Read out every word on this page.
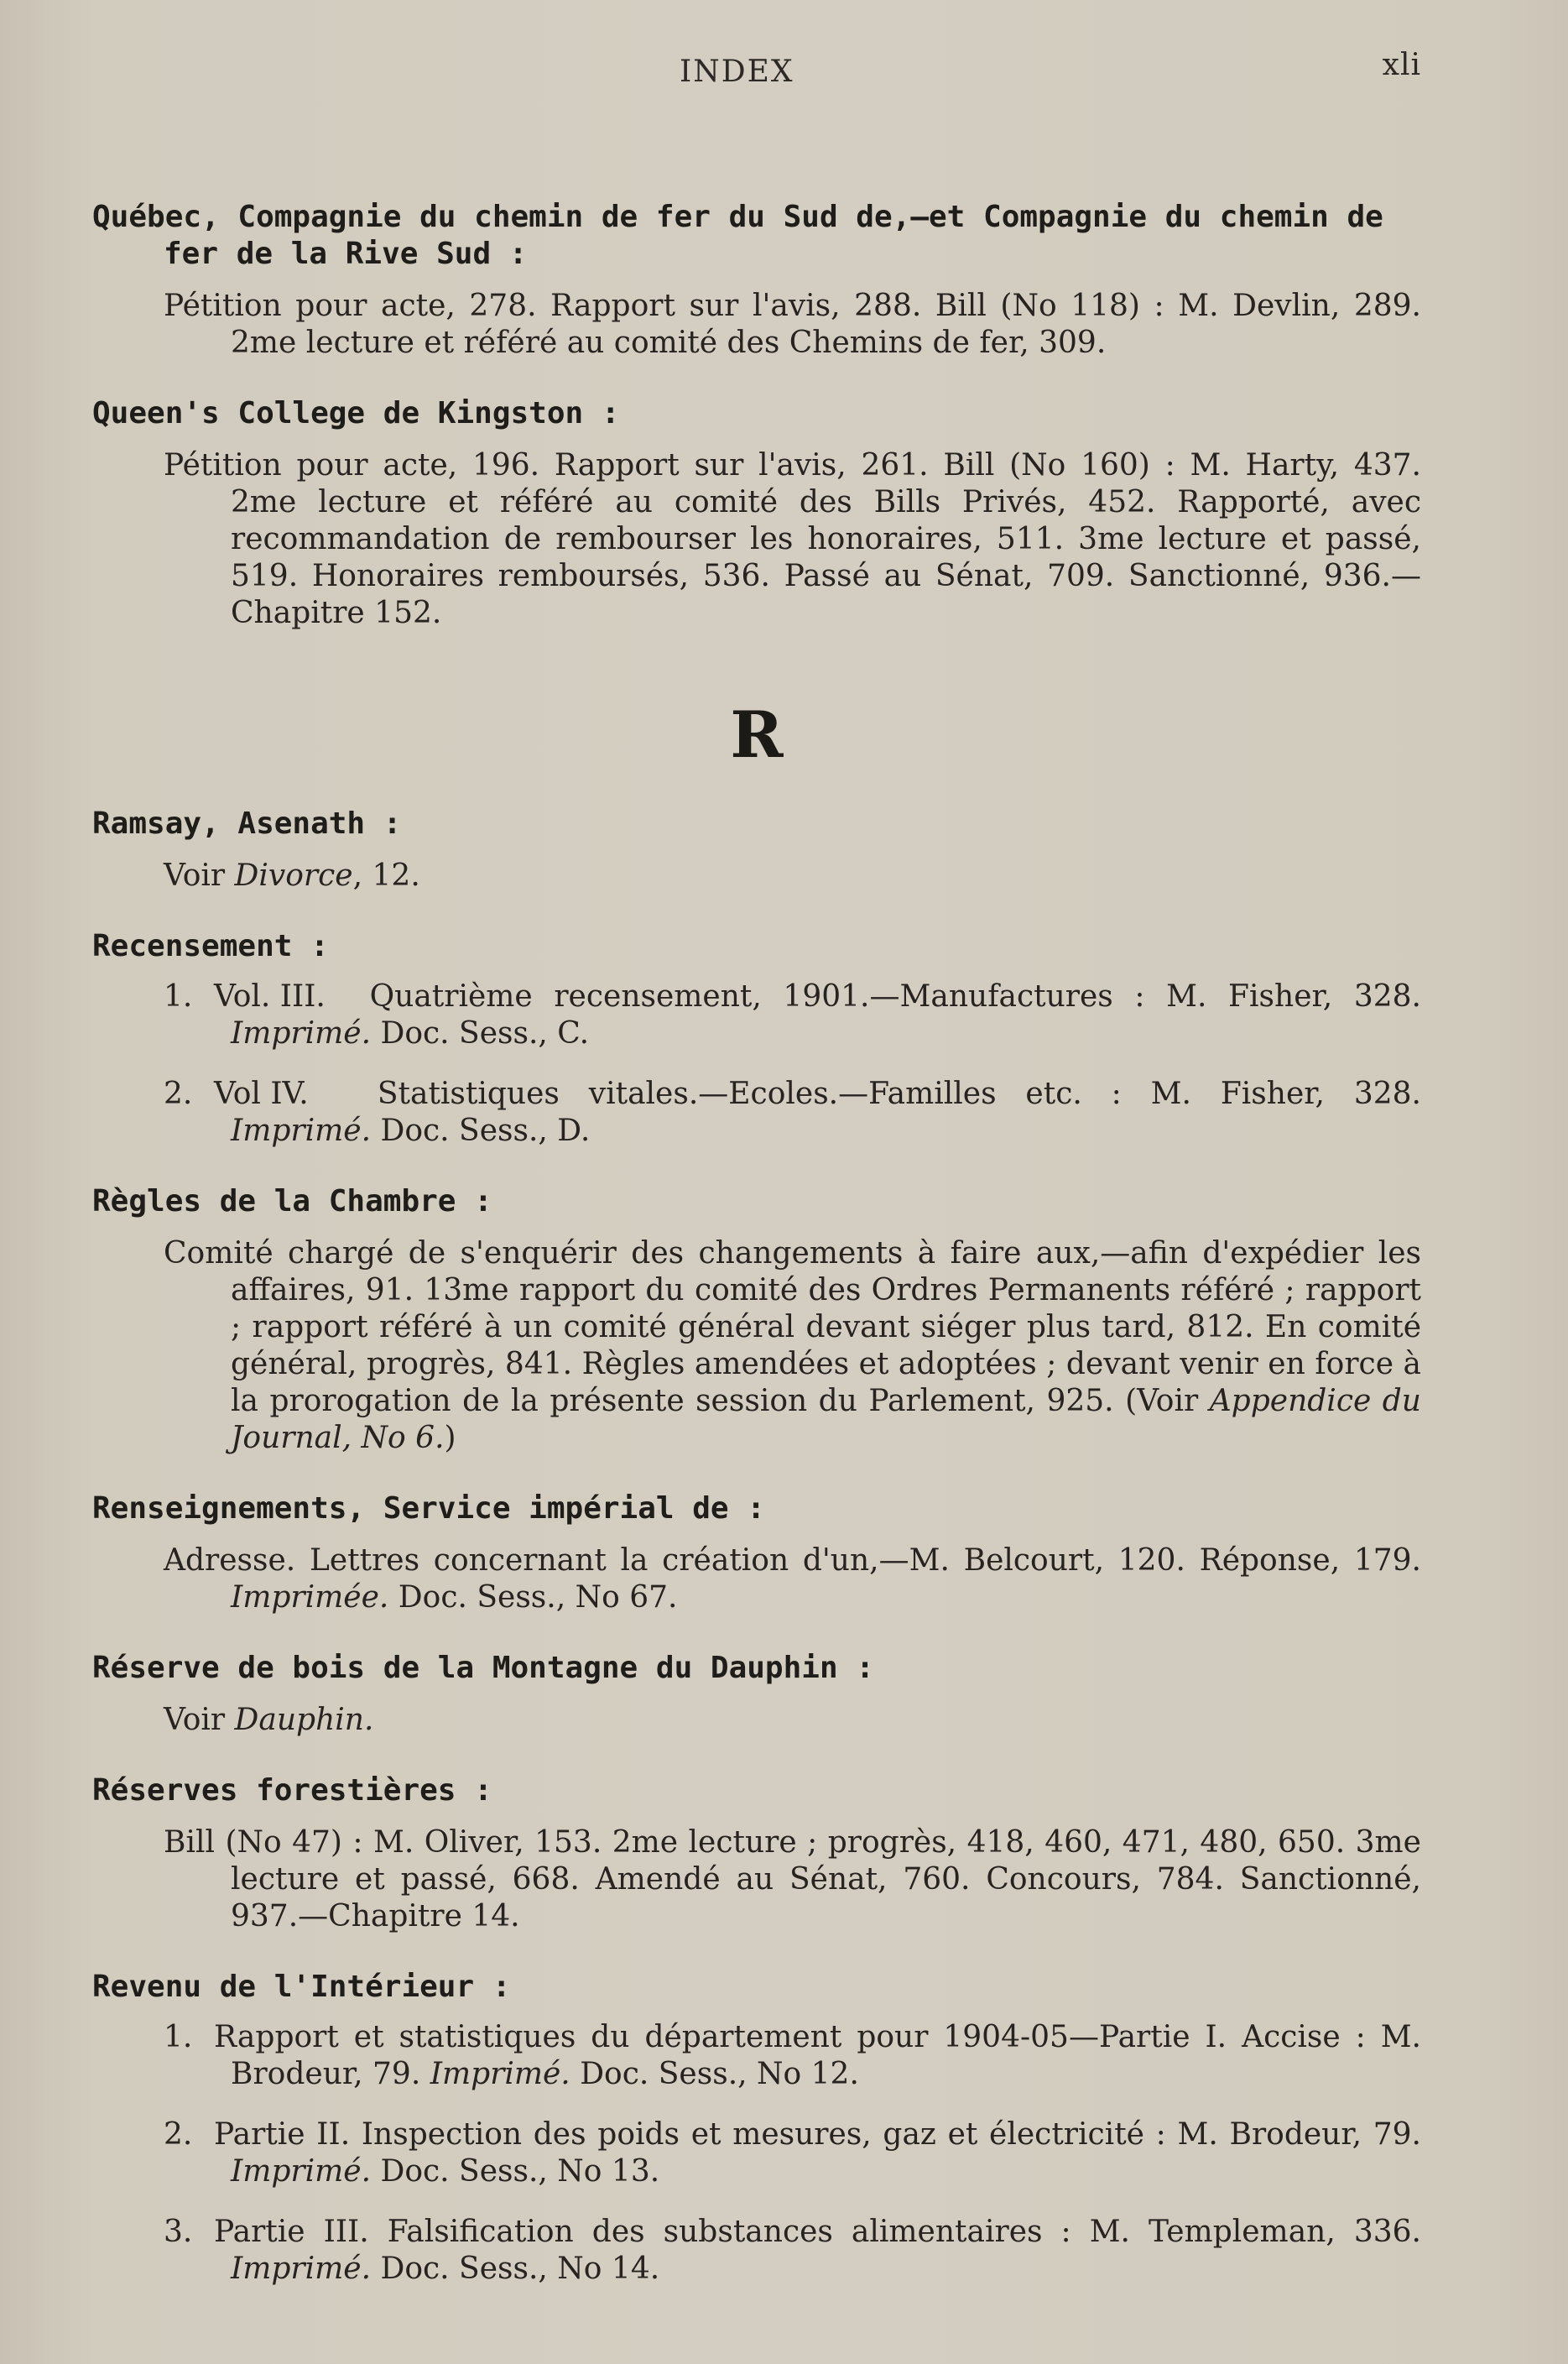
INDEX	xli
Québec, Compagnie du chemin de fer du Sud de,—et Compagnie du chemin de fer de la Rive Sud :
Pétition pour acte, 278. Rapport sur l'avis, 288. Bill (No 118) : M. Devlin, 289. 2me lecture et référé au comité des Chemins de fer, 309.
Queen's College de Kingston :
Pétition pour acte, 196. Rapport sur l'avis, 261. Bill (No 160) : M. Harty, 437. 2me lecture et référé au comité des Bills Privés, 452. Rapporté, avec recommandation de rembourser les honoraires, 511. 3me lecture et passé, 519. Honoraires remboursés, 536. Passé au Sénat, 709. Sanctionné, 936.—Chapitre 152.
R
Ramsay, Asenath :
Voir Divorce, 12.
Recensement :
1. Vol. III. Quatrième recensement, 1901.—Manufactures : M. Fisher, 328. Imprimé. Doc. Sess., C.
2. Vol IV. Statistiques vitales.—Ecoles.—Familles etc. : M. Fisher, 328. Imprimé. Doc. Sess., D.
Règles de la Chambre :
Comité chargé de s'enquérir des changements à faire aux,—afin d'expédier les affaires, 91. 13me rapport du comité des Ordres Permanents référé ; rapport ; rapport référé à un comité général devant siéger plus tard, 812. En comité général, progrès, 841. Règles amendées et adoptées ; devant venir en force à la prorogation de la présente session du Parlement, 925. (Voir Appendice du Journal, No 6.)
Renseignements, Service impérial de :
Adresse. Lettres concernant la création d'un,—M. Belcourt, 120. Réponse, 179. Imprimée. Doc. Sess., No 67.
Réserve de bois de la Montagne du Dauphin :
Voir Dauphin.
Réserves forestières :
Bill (No 47) : M. Oliver, 153. 2me lecture ; progrès, 418, 460, 471, 480, 650. 3me lecture et passé, 668. Amendé au Sénat, 760. Concours, 784. Sanctionné, 937.—Chapitre 14.
Revenu de l'Intérieur :
1. Rapport et statistiques du département pour 1904-05—Partie I. Accise : M. Brodeur, 79. Imprimé. Doc. Sess., No 12.
2. Partie II. Inspection des poids et mesures, gaz et électricité : M. Brodeur, 79. Imprimé. Doc. Sess., No 13.
3. Partie III. Falsification des substances alimentaires : M. Templeman, 336. Imprimé. Doc. Sess., No 14.
